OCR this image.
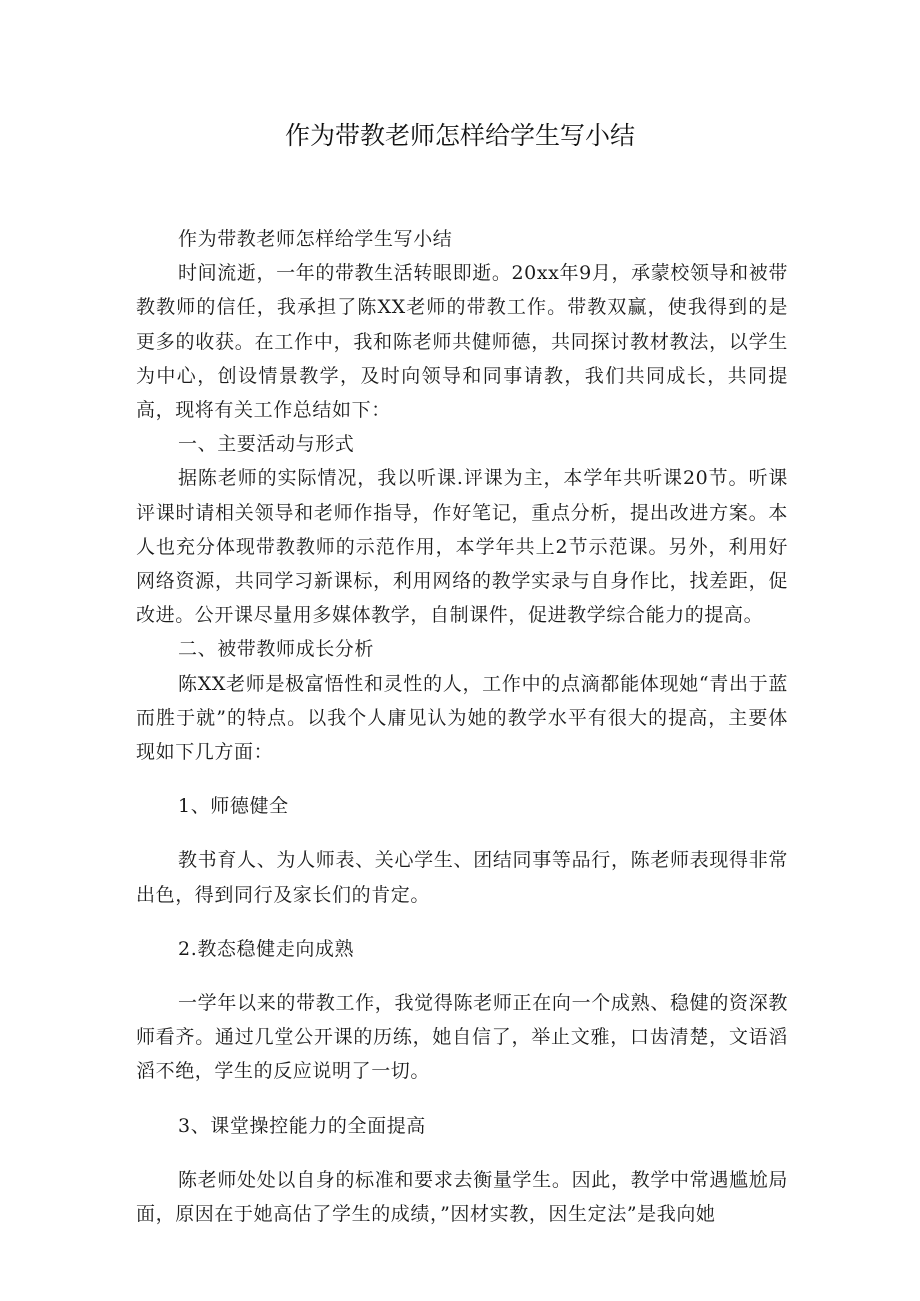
作为带教老师怎样给学生写小结

作为带教老师怎样给学生写小结

时间流逝，一年的带教生活转眼即逝。20xx年9月，承蒙校领导和被带教教师的信任，我承担了陈XX老师的带教工作。带教双赢，使我得到的是更多的收获。在工作中，我和陈老师共健师德，共同探讨教材教法，以学生为中心，创设情景教学，及时向领导和同事请教，我们共同成长，共同提高，现将有关工作总结如下：

一、主要活动与形式

据陈老师的实际情况，我以听课.评课为主，本学年共听课20节。听课评课时请相关领导和老师作指导，作好笔记，重点分析，提出改进方案。本人也充分体现带教教师的示范作用，本学年共上2节示范课。另外，利用好网络资源，共同学习新课标，利用网络的教学实录与自身作比，找差距，促改进。公开课尽量用多媒体教学，自制课件，促进教学综合能力的提高。

二、被带教师成长分析

陈XX老师是极富悟性和灵性的人，工作中的点滴都能体现她“青出于蓝而胜于就”的特点。以我个人庸见认为她的教学水平有很大的提高，主要体现如下几方面：

1、师德健全

教书育人、为人师表、关心学生、团结同事等品行，陈老师表现得非常出色，得到同行及家长们的肯定。

2.教态稳健走向成熟

一学年以来的带教工作，我觉得陈老师正在向一个成熟、稳健的资深教师看齐。通过几堂公开课的历练，她自信了，举止文雅，口齿清楚，文语滔滔不绝，学生的反应说明了一切。

3、课堂操控能力的全面提高

陈老师处处以自身的标准和要求去衡量学生。因此，教学中常遇尴尬局面，原因在于她高估了学生的成绩，”因材实教，因生定法”是我向她
